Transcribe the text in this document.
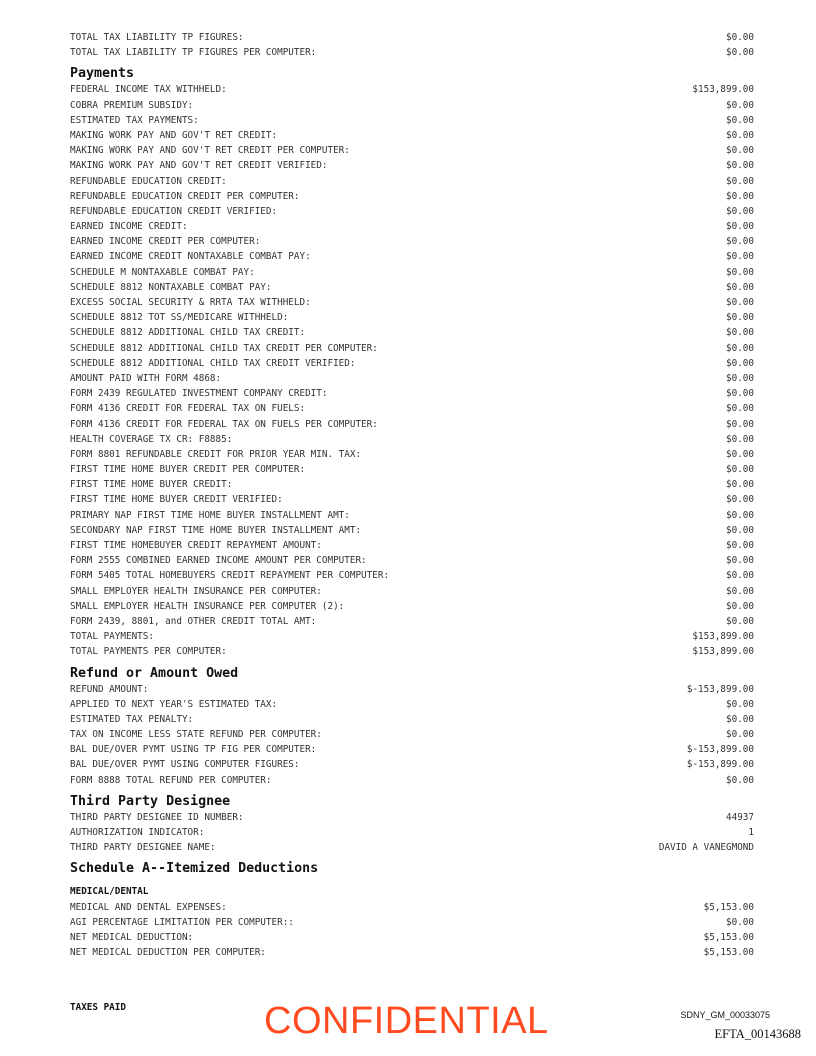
TOTAL TAX LIABILITY TP FIGURES:	$0.00
TOTAL TAX LIABILITY TP FIGURES PER COMPUTER:	$0.00
Payments
FEDERAL INCOME TAX WITHHELD:	$153,899.00
COBRA PREMIUM SUBSIDY:	$0.00
ESTIMATED TAX PAYMENTS:	$0.00
MAKING WORK PAY AND GOV'T RET CREDIT:	$0.00
MAKING WORK PAY AND GOV'T RET CREDIT PER COMPUTER:	$0.00
MAKING WORK PAY AND GOV'T RET CREDIT VERIFIED:	$0.00
REFUNDABLE EDUCATION CREDIT:	$0.00
REFUNDABLE EDUCATION CREDIT PER COMPUTER:	$0.00
REFUNDABLE EDUCATION CREDIT VERIFIED:	$0.00
EARNED INCOME CREDIT:	$0.00
EARNED INCOME CREDIT PER COMPUTER:	$0.00
EARNED INCOME CREDIT NONTAXABLE COMBAT PAY:	$0.00
SCHEDULE M NONTAXABLE COMBAT PAY:	$0.00
SCHEDULE 8812 NONTAXABLE COMBAT PAY:	$0.00
EXCESS SOCIAL SECURITY & RRTA TAX WITHHELD:	$0.00
SCHEDULE 8812 TOT SS/MEDICARE WITHHELD:	$0.00
SCHEDULE 8812 ADDITIONAL CHILD TAX CREDIT:	$0.00
SCHEDULE 8812 ADDITIONAL CHILD TAX CREDIT PER COMPUTER:	$0.00
SCHEDULE 8812 ADDITIONAL CHILD TAX CREDIT VERIFIED:	$0.00
AMOUNT PAID WITH FORM 4868:	$0.00
FORM 2439 REGULATED INVESTMENT COMPANY CREDIT:	$0.00
FORM 4136 CREDIT FOR FEDERAL TAX ON FUELS:	$0.00
FORM 4136 CREDIT FOR FEDERAL TAX ON FUELS PER COMPUTER:	$0.00
HEALTH COVERAGE TX CR: F8885:	$0.00
FORM 8801 REFUNDABLE CREDIT FOR PRIOR YEAR MIN. TAX:	$0.00
FIRST TIME HOME BUYER CREDIT PER COMPUTER:	$0.00
FIRST TIME HOME BUYER CREDIT:	$0.00
FIRST TIME HOME BUYER CREDIT VERIFIED:	$0.00
PRIMARY NAP FIRST TIME HOME BUYER INSTALLMENT AMT:	$0.00
SECONDARY NAP FIRST TIME HOME BUYER INSTALLMENT AMT:	$0.00
FIRST TIME HOMEBUYER CREDIT REPAYMENT AMOUNT:	$0.00
FORM 2555 COMBINED EARNED INCOME AMOUNT PER COMPUTER:	$0.00
FORM 5405 TOTAL HOMEBUYERS CREDIT REPAYMENT PER COMPUTER:	$0.00
SMALL EMPLOYER HEALTH INSURANCE PER COMPUTER:	$0.00
SMALL EMPLOYER HEALTH INSURANCE PER COMPUTER (2):	$0.00
FORM 2439, 8801, and OTHER CREDIT TOTAL AMT:	$0.00
TOTAL PAYMENTS:	$153,899.00
TOTAL PAYMENTS PER COMPUTER:	$153,899.00
Refund or Amount Owed
REFUND AMOUNT:	$-153,899.00
APPLIED TO NEXT YEAR'S ESTIMATED TAX:	$0.00
ESTIMATED TAX PENALTY:	$0.00
TAX ON INCOME LESS STATE REFUND PER COMPUTER:	$0.00
BAL DUE/OVER PYMT USING TP FIG PER COMPUTER:	$-153,899.00
BAL DUE/OVER PYMT USING COMPUTER FIGURES:	$-153,899.00
FORM 8888 TOTAL REFUND PER COMPUTER:	$0.00
Third Party Designee
THIRD PARTY DESIGNEE ID NUMBER:	44937
AUTHORIZATION INDICATOR:	1
THIRD PARTY DESIGNEE NAME:	DAVID A VANEGMOND
Schedule A--Itemized Deductions
MEDICAL/DENTAL
MEDICAL AND DENTAL EXPENSES:	$5,153.00
AGI PERCENTAGE LIMITATION PER COMPUTER::	$0.00
NET MEDICAL DEDUCTION:	$5,153.00
NET MEDICAL DEDUCTION PER COMPUTER:	$5,153.00
TAXES PAID	CONFIDENTIAL	SDNY_GM_00033075
EFTA_00143688
